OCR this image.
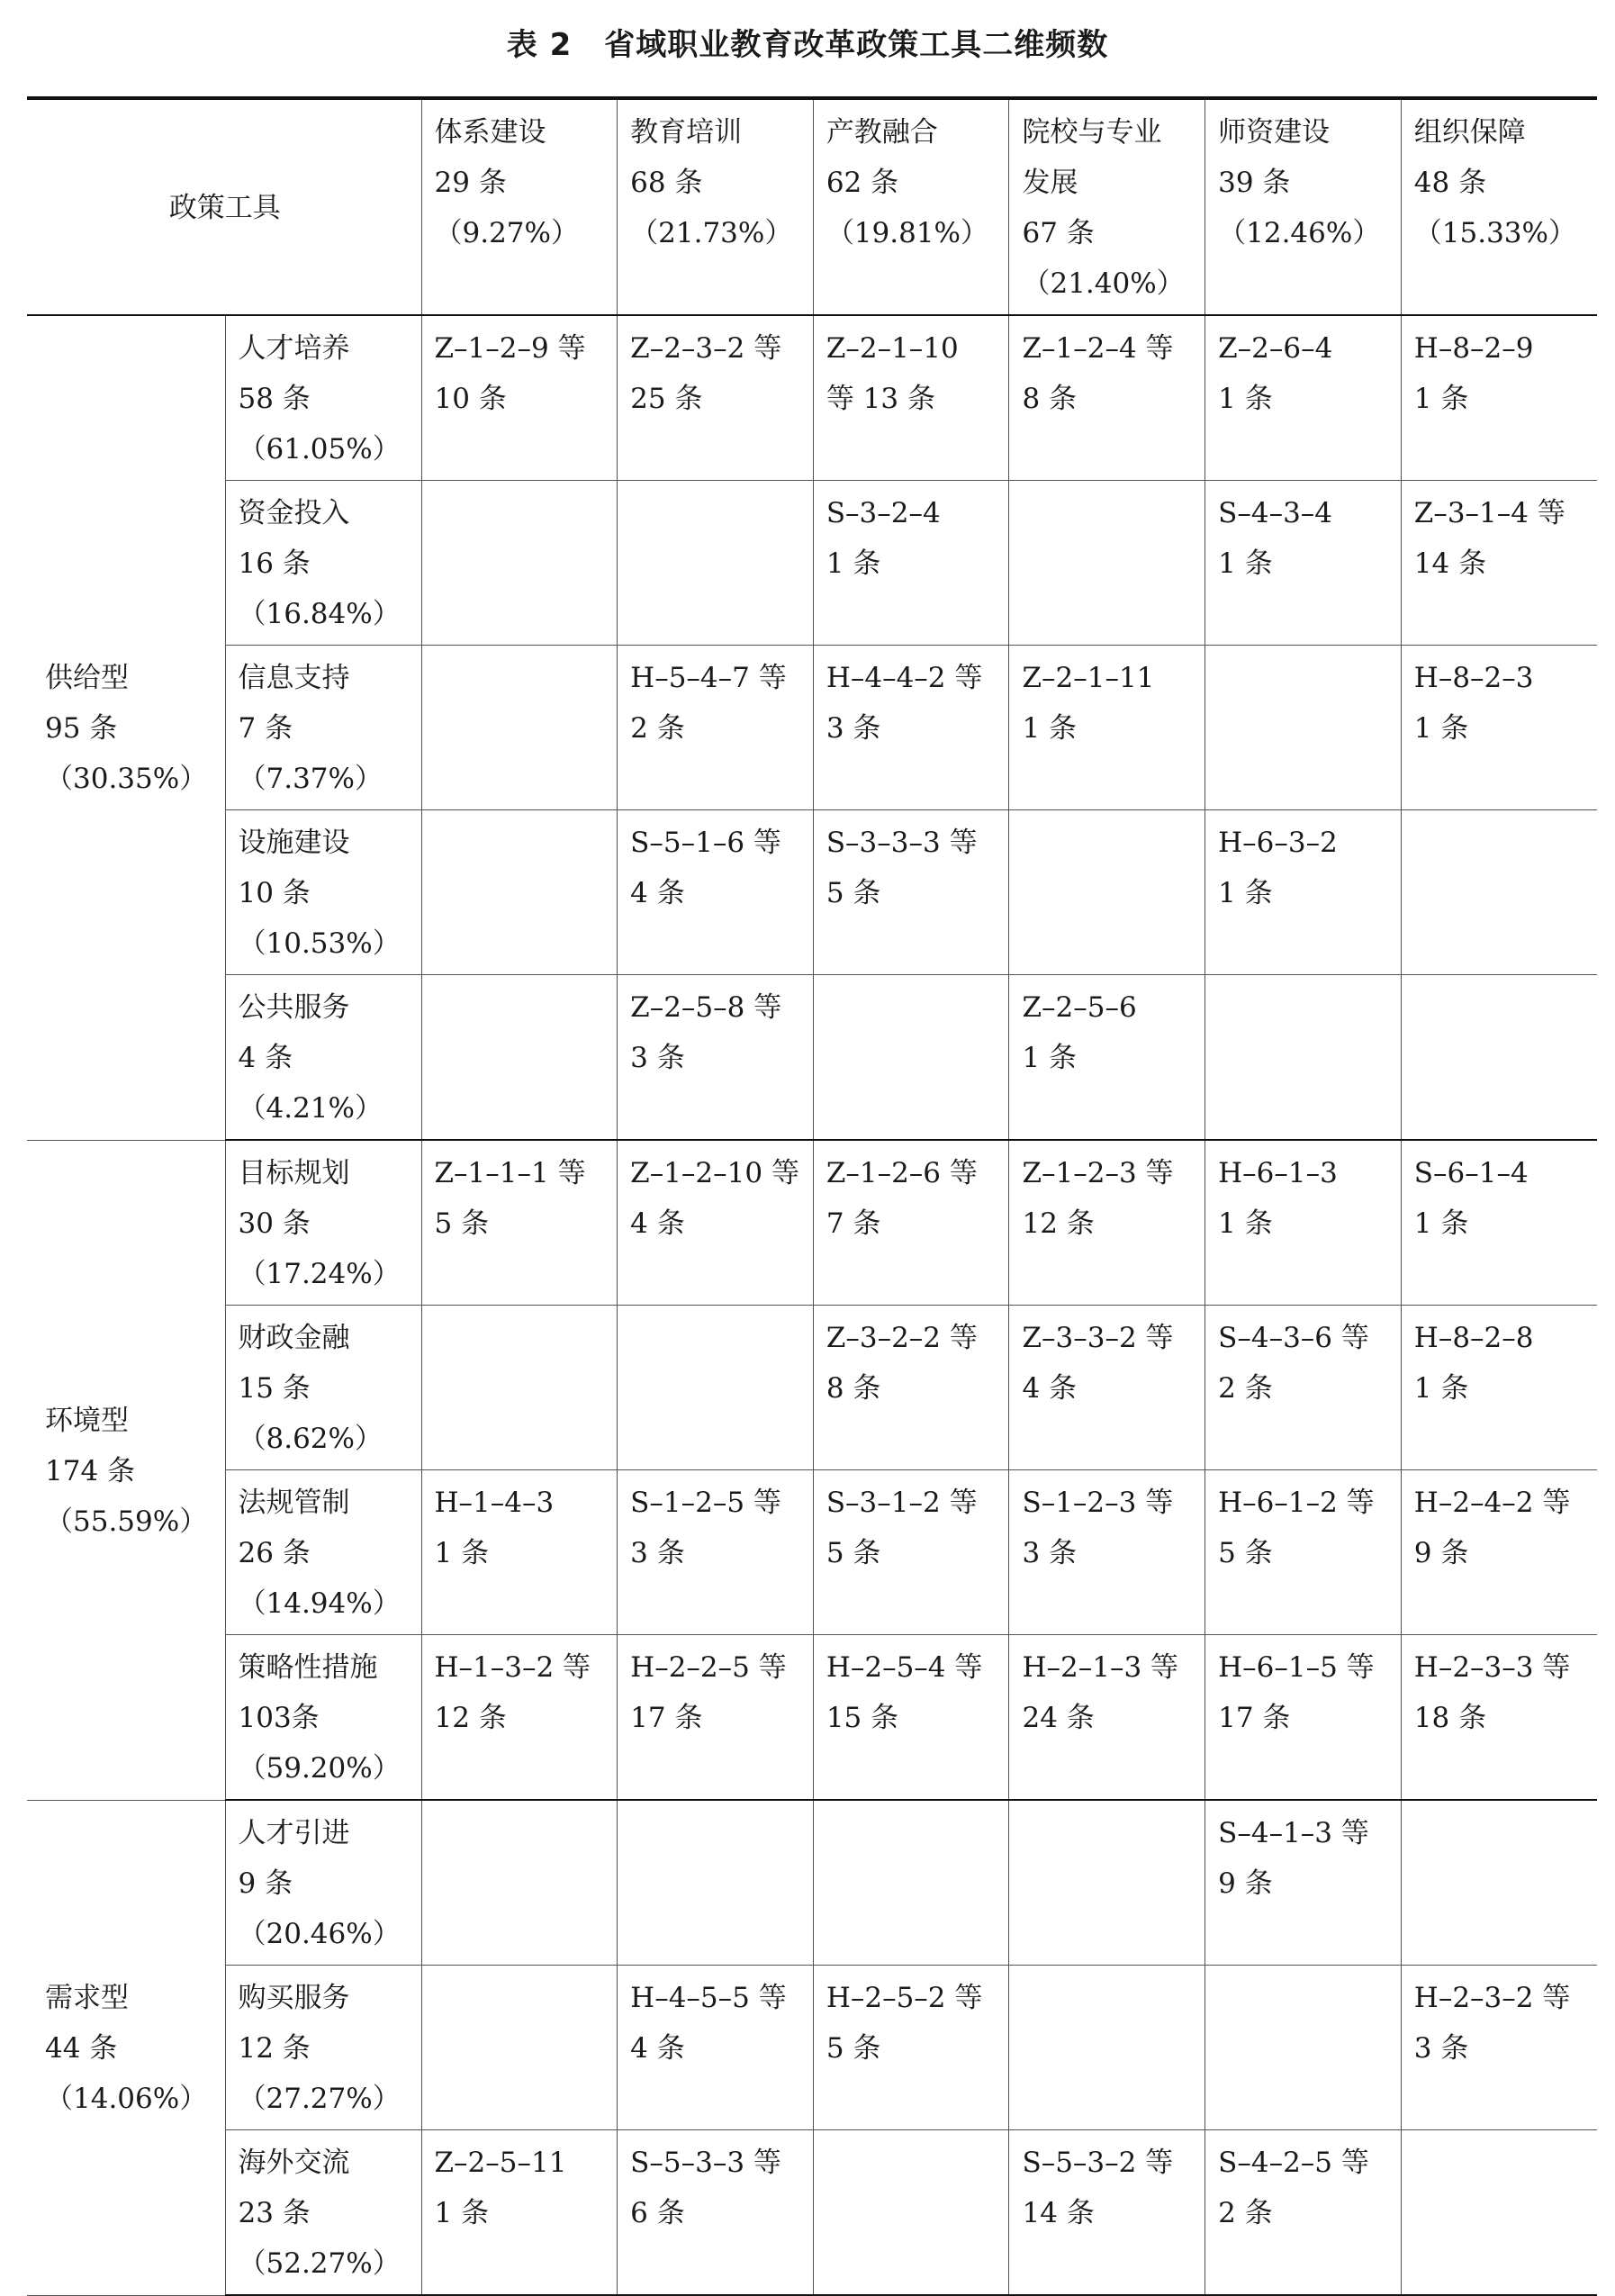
表 2 省域职业教育改革政策工具二维频数
政策工具		体系建设
29 条
（9.27%）	教育培训
68 条
（21.73%）	产教融合
62 条
（19.81%）	院校与专业
发展
67 条
（21.40%）	师资建设
39 条
（12.46%）	组织保障
48 条
（15.33%）

供给型
95 条
（30.35%）	人才培养
58 条
（61.05%）	Z–1–2–9 等
10 条	Z–2–3–2 等
25 条	Z–2–1–10
等 13 条	Z–1–2–4 等
8 条	Z–2–6–4
1 条	H–8–2–9
1 条

	资金投入
16 条
（16.84%）			S–3–2–4
1 条		S–4–3–4
1 条	Z–3–1–4 等
14 条

	信息支持
7 条
（7.37%）		H–5–4–7 等
2 条	H–4–4–2 等
3 条	Z–2–1–11
1 条		H–8–2–3
1 条

	设施建设
10 条
（10.53%）		S–5–1–6 等
4 条	S–3–3–3 等
5 条		H–6–3–2
1 条	

	公共服务
4 条
（4.21%）		Z–2–5–8 等
3 条		Z–2–5–6
1 条		

环境型
174 条
（55.59%）	目标规划
30 条
（17.24%）	Z–1–1–1 等
5 条	Z–1–2–10 等
4 条	Z–1–2–6 等
7 条	Z–1–2–3 等
12 条	H–6–1–3
1 条	S–6–1–4
1 条

	财政金融
15 条
（8.62%）			Z–3–2–2 等
8 条	Z–3–3–2 等
4 条	S–4–3–6 等
2 条	H–8–2–8
1 条

	法规管制
26 条
（14.94%）	H–1–4–3
1 条	S–1–2–5 等
3 条	S–3–1–2 等
5 条	S–1–2–3 等
3 条	H–6–1–2 等
5 条	H–2–4–2 等
9 条

	策略性措施
103条
（59.20%）	H–1–3–2 等
12 条	H–2–2–5 等
17 条	H–2–5–4 等
15 条	H–2–1–3 等
24 条	H–6–1–5 等
17 条	H–2–3–3 等
18 条

需求型
44 条
（14.06%）	人才引进
9 条
（20.46%）					S–4–1–3 等
9 条	

	购买服务
12 条
（27.27%）		H–4–5–5 等
4 条	H–2–5–2 等
5 条			H–2–3–2 等
3 条

	海外交流
23 条
（52.27%）	Z–2–5–11
1 条	S–5–3–3 等
6 条		S–5–3–2 等
14 条	S–4–2–5 等
2 条	
